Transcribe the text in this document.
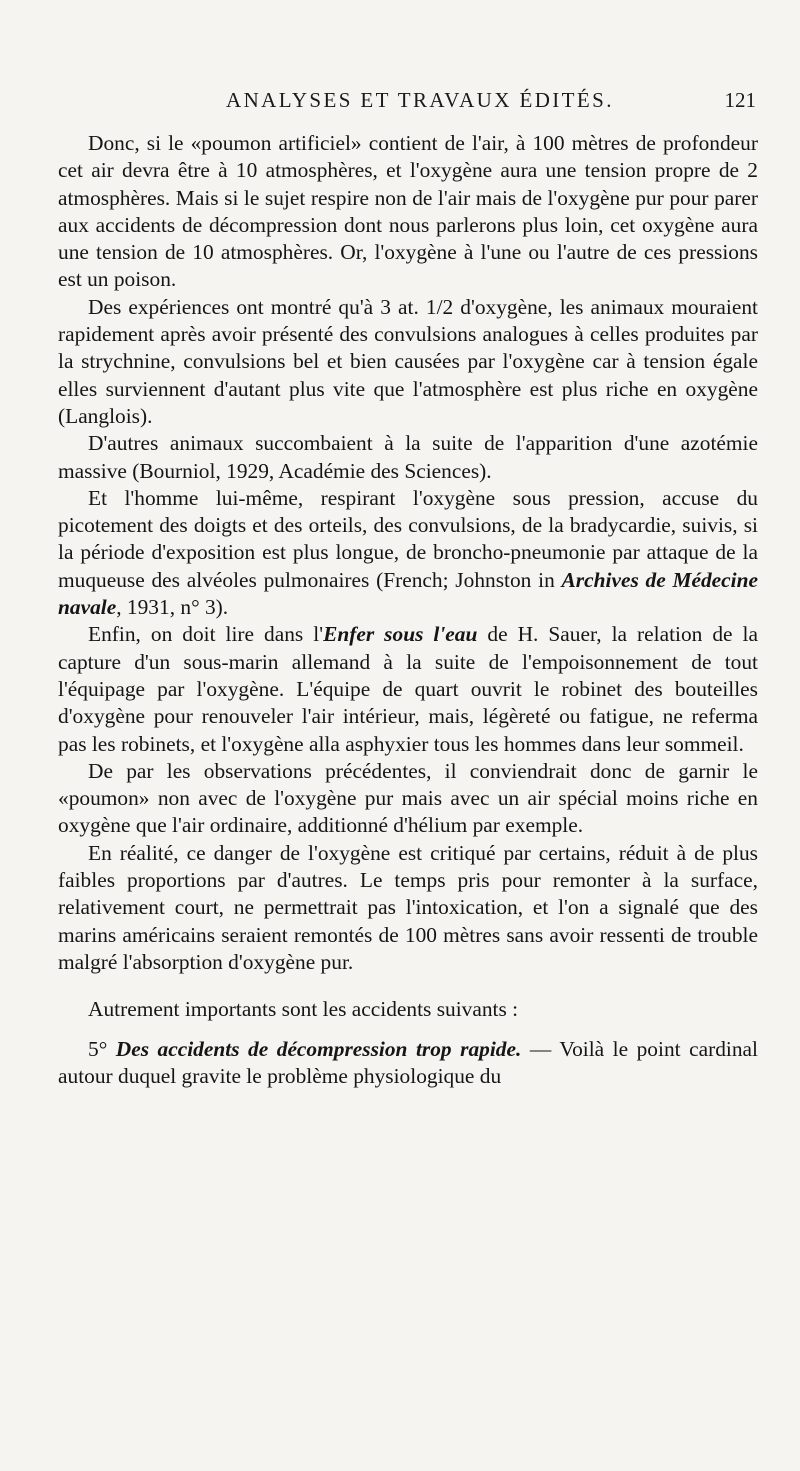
ANALYSES ET TRAVAUX ÉDITÉS.	121

Donc, si le «poumon artificiel» contient de l'air, à 100 mètres de profondeur cet air devra être à 10 atmosphères, et l'oxygène aura une tension propre de 2 atmosphères. Mais si le sujet respire non de l'air mais de l'oxygène pur pour parer aux accidents de décompression dont nous parlerons plus loin, cet oxygène aura une tension de 10 atmosphères. Or, l'oxygène à l'une ou l'autre de ces pressions est un poison.

Des expériences ont montré qu'à 3 at. 1/2 d'oxygène, les animaux mouraient rapidement après avoir présenté des convulsions analogues à celles produites par la strychnine, convulsions bel et bien causées par l'oxygène car à tension égale elles surviennent d'autant plus vite que l'atmosphère est plus riche en oxygène (Langlois).

D'autres animaux succombaient à la suite de l'apparition d'une azotémie massive (Bourniol, 1929, Académie des Sciences).

Et l'homme lui-même, respirant l'oxygène sous pression, accuse du picotement des doigts et des orteils, des convulsions, de la bradycardie, suivis, si la période d'exposition est plus longue, de broncho-pneumonie par attaque de la muqueuse des alvéoles pulmonaires (French; Johnston in Archives de Médecine navale, 1931, n° 3).

Enfin, on doit lire dans l'Enfer sous l'eau de H. Sauer, la relation de la capture d'un sous-marin allemand à la suite de l'empoisonnement de tout l'équipage par l'oxygène. L'équipe de quart ouvrit le robinet des bouteilles d'oxygène pour renouveler l'air intérieur, mais, légèreté ou fatigue, ne referma pas les robinets, et l'oxygène alla asphyxier tous les hommes dans leur sommeil.

De par les observations précédentes, il conviendrait donc de garnir le «poumon» non avec de l'oxygène pur mais avec un air spécial moins riche en oxygène que l'air ordinaire, additionné d'hélium par exemple.

En réalité, ce danger de l'oxygène est critiqué par certains, réduit à de plus faibles proportions par d'autres. Le temps pris pour remonter à la surface, relativement court, ne permettrait pas l'intoxication, et l'on a signalé que des marins américains seraient remontés de 100 mètres sans avoir ressenti de trouble malgré l'absorption d'oxygène pur.

Autrement importants sont les accidents suivants :

5° Des accidents de décompression trop rapide. — Voilà le point cardinal autour duquel gravite le problème physiologique du
